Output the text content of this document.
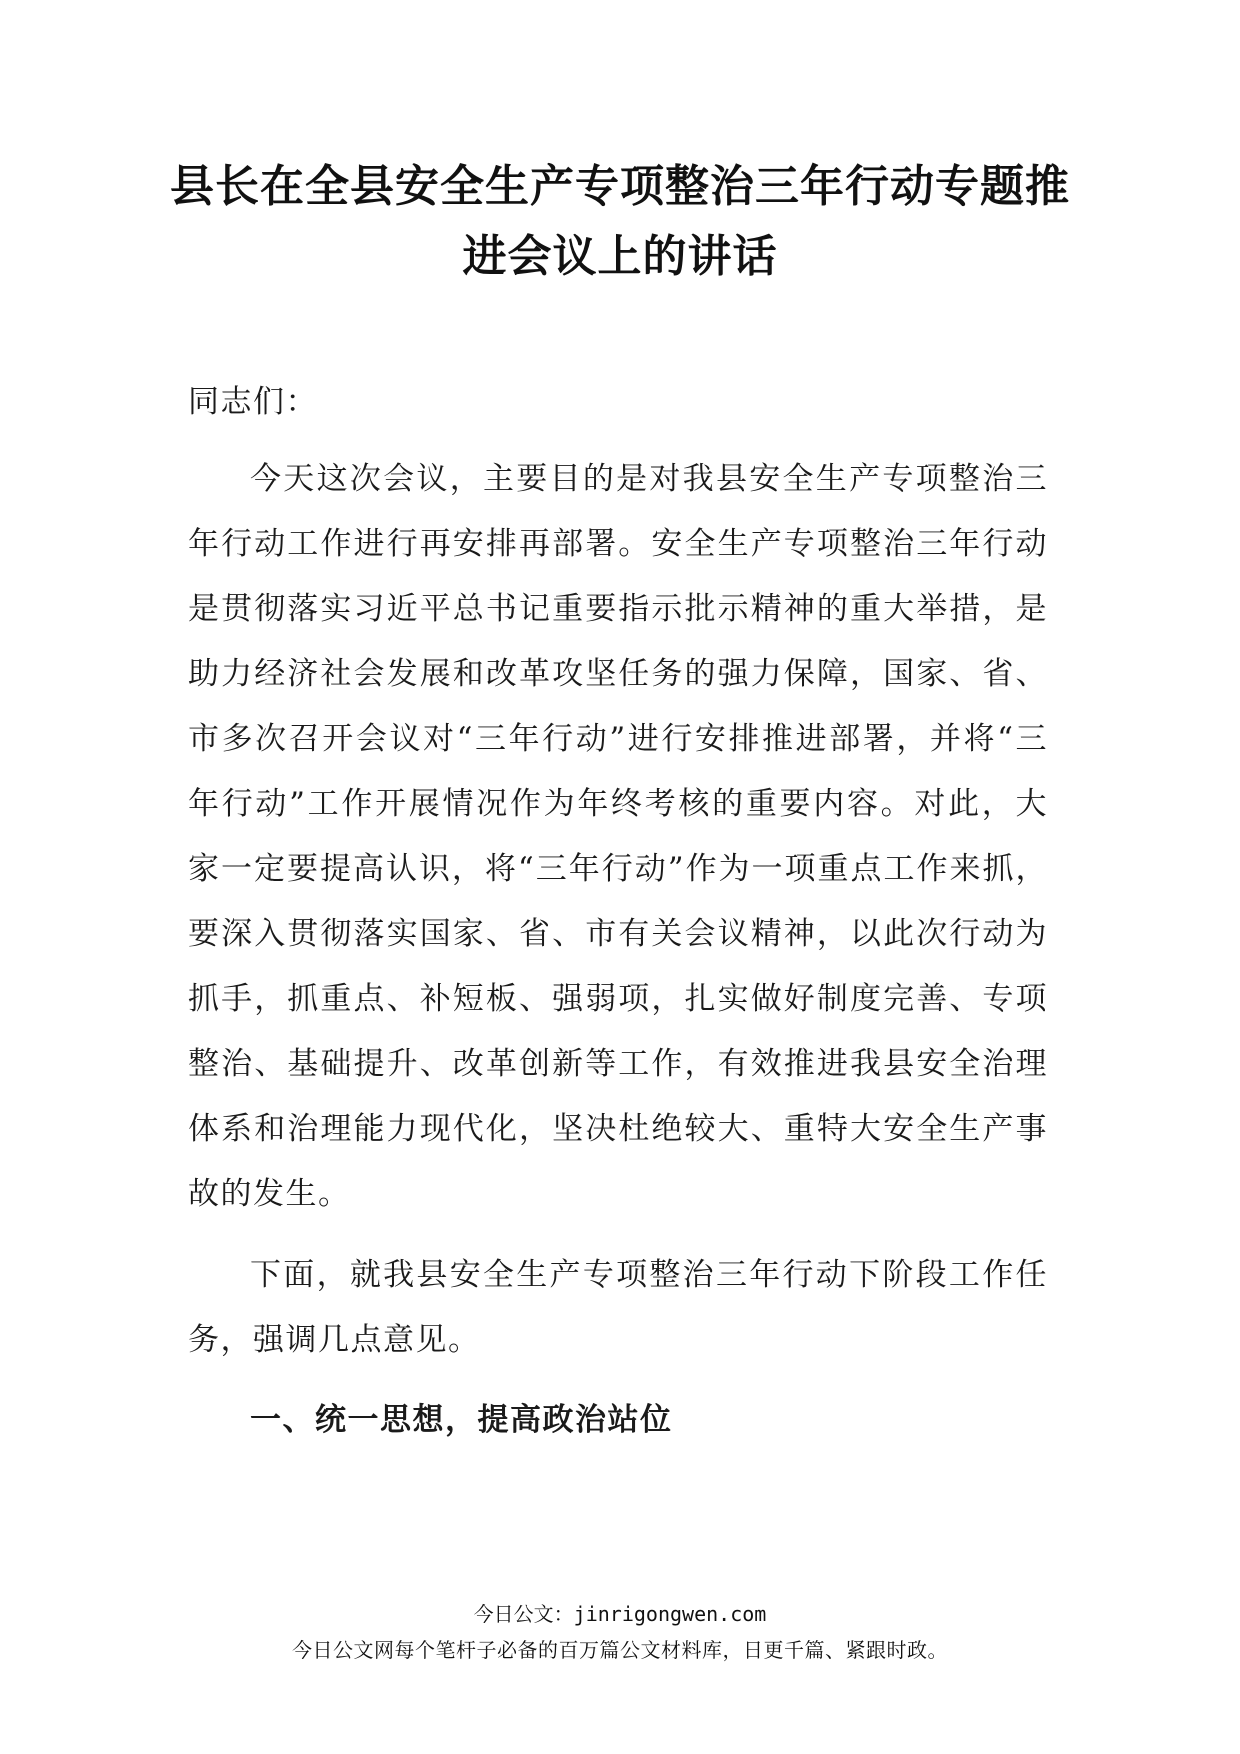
县长在全县安全生产专项整治三年行动专题推进会议上的讲话

同志们：

今天这次会议，主要目的是对我县安全生产专项整治三年行动工作进行再安排再部署。安全生产专项整治三年行动是贯彻落实习近平总书记重要指示批示精神的重大举措，是助力经济社会发展和改革攻坚任务的强力保障，国家、省、市多次召开会议对“三年行动”进行安排推进部署，并将“三年行动”工作开展情况作为年终考核的重要内容。对此，大家一定要提高认识，将“三年行动”作为一项重点工作来抓，要深入贯彻落实国家、省、市有关会议精神，以此次行动为抓手，抓重点、补短板、强弱项，扎实做好制度完善、专项整治、基础提升、改革创新等工作，有效推进我县安全治理体系和治理能力现代化，坚决杜绝较大、重特大安全生产事故的发生。

下面，就我县安全生产专项整治三年行动下阶段工作任务，强调几点意见。

一、统一思想，提高政治站位

今日公文：jinrigongwen.com
今日公文网每个笔杆子必备的百万篇公文材料库，日更千篇、紧跟时政。
